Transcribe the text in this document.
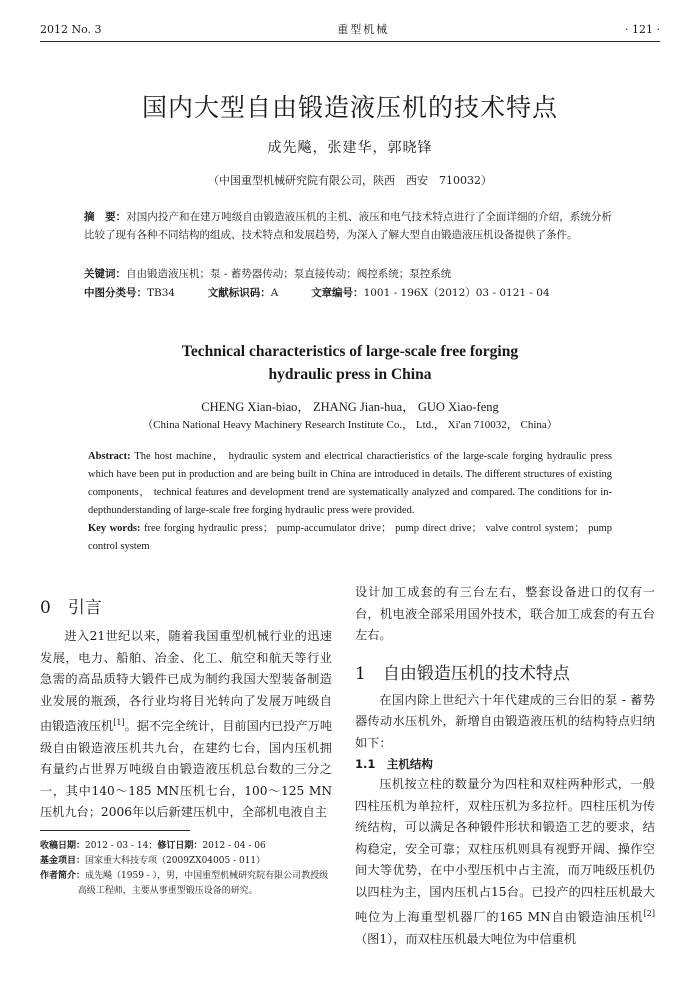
2012 No. 3	重型机械	· 121 ·
国内大型自由锻造液压机的技术特点
成先飚，张建华，郭晓锋
（中国重型机械研究院有限公司，陕西　西安　710032）
摘　要：对国内投产和在建万吨级自由锻造液压机的主机、液压和电气技术特点进行了全面详细的介绍，系统分析比较了现有各种不同结构的组成、技术特点和发展趋势，为深入了解大型自由锻造液压机设备提供了条件。
关键词：自由锻造液压机；泵 - 蓄势器传动；泵直接传动；阀控系统；泵控系统
中图分类号：TB34	文献标识码：A	文章编号：1001 - 196X（2012）03 - 0121 - 04
Technical characteristics of large-scale free forging
hydraulic press in China
CHENG Xian-biao， ZHANG Jian-hua， GUO Xiao-feng
（China National Heavy Machinery Research Institute Co.， Ltd.， Xi'an 710032， China）
Abstract: The host machine， hydraulic system and electrical charactieristics of the large-scale forging hydraulic press which have been put in production and are being built in China are introduced in details. The different structures of existing components， technical features and development trend are systematically analyzed and compared. The conditions for in-depthunderstanding of large-scale free forging hydraulic press were provided.
Key words: free forging hydraulic press； pump-accumulator drive； pump direct drive； valve control system； pump control system
0　引言

进入21世纪以来，随着我国重型机械行业的迅速发展，电力、船舶、冶金、化工、航空和航天等行业急需的高品质特大锻件已成为制约我国大型装备制造业发展的瓶颈，各行业均将目光转向了发展万吨级自由锻造液压机[1]。据不完全统计，目前国内已投产万吨级自由锻造液压机共九台，在建约七台，国内压机拥有量约占世界万吨级自由锻造液压机总台数的三分之一，其中140～185 MN压机七台，100～125 MN压机九台；2006年以后新建压机中，全部机电液自主

收稿日期：2012 - 03 - 14；修订日期：2012 - 04 - 06

基金项目：国家重大科技专项（2009ZX04005 - 011）

作者简介：成先飚（1959 - ），男，中国重型机械研究院有限公司教授级高级工程师，主要从事重型锻压设备的研究。

设计加工成套的有三台左右，整套设备进口的仅有一台，机电液全部采用国外技术，联合加工成套的有五台左右。

1　自由锻造压机的技术特点

在国内除上世纪六十年代建成的三台旧的泵 - 蓄势器传动水压机外，新增自由锻造液压机的结构特点归纳如下：

1.1　主机结构

压机按立柱的数量分为四柱和双柱两种形式，一般四柱压机为单拉杆，双柱压机为多拉杆。四柱压机为传统结构，可以满足各种锻件形状和锻造工艺的要求，结构稳定，安全可靠；双柱压机则具有视野开阔、操作空间大等优势，在中小型压机中占主流，而万吨级压机仍以四柱为主，国内压机占15台。已投产的四柱压机最大吨位为上海重型机器厂的165 MN自由锻造油压机[2]（图1），而双柱压机最大吨位为中信重机
